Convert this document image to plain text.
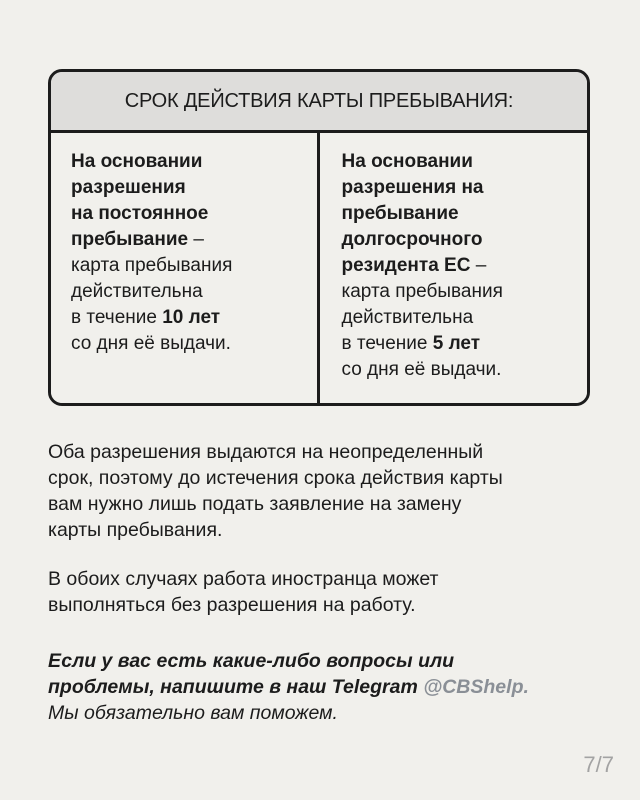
СРОК ДЕЙСТВИЯ КАРТЫ ПРЕБЫВАНИЯ:
На основании
разрешения
на постоянное
пребывание –
карта пребывания
действительна
в течение 10 лет
со дня её выдачи.
На основании
разрешения на
пребывание
долгосрочного
резидента ЕС –
карта пребывания
действительна
в течение 5 лет
со дня её выдачи.
Оба разрешения выдаются на неопределенный
срок, поэтому до истечения срока действия карты
вам нужно лишь подать заявление на замену
карты пребывания.
В обоих случаях работа иностранца может
выполняться без разрешения на работу.
Если у вас есть какие-либо вопросы или
проблемы, напишите в наш Telegram @CBShelp.
Мы обязательно вам поможем.
7/7
